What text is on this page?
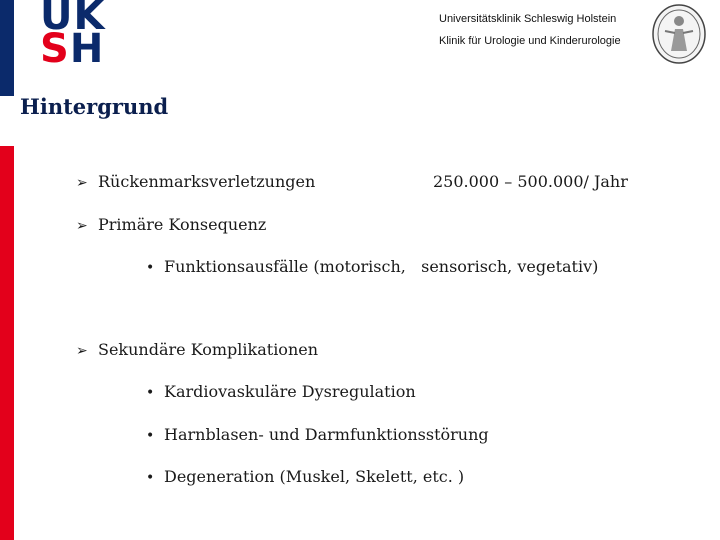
UK
SH
Universitätsklinik Schleswig Holstein
Klinik für Urologie und Kinderurologie
Hintergrund
➢ Rückenmarksverletzungen	250.000 – 500.000/ Jahr
➢ Primäre Konsequenz
• Funktionsausfälle (motorisch,   sensorisch, vegetativ)
➢ Sekundäre Komplikationen
• Kardiovaskuläre Dysregulation
• Harnblasen- und Darmfunktionsstörung
• Degeneration (Muskel, Skelett, etc. )
